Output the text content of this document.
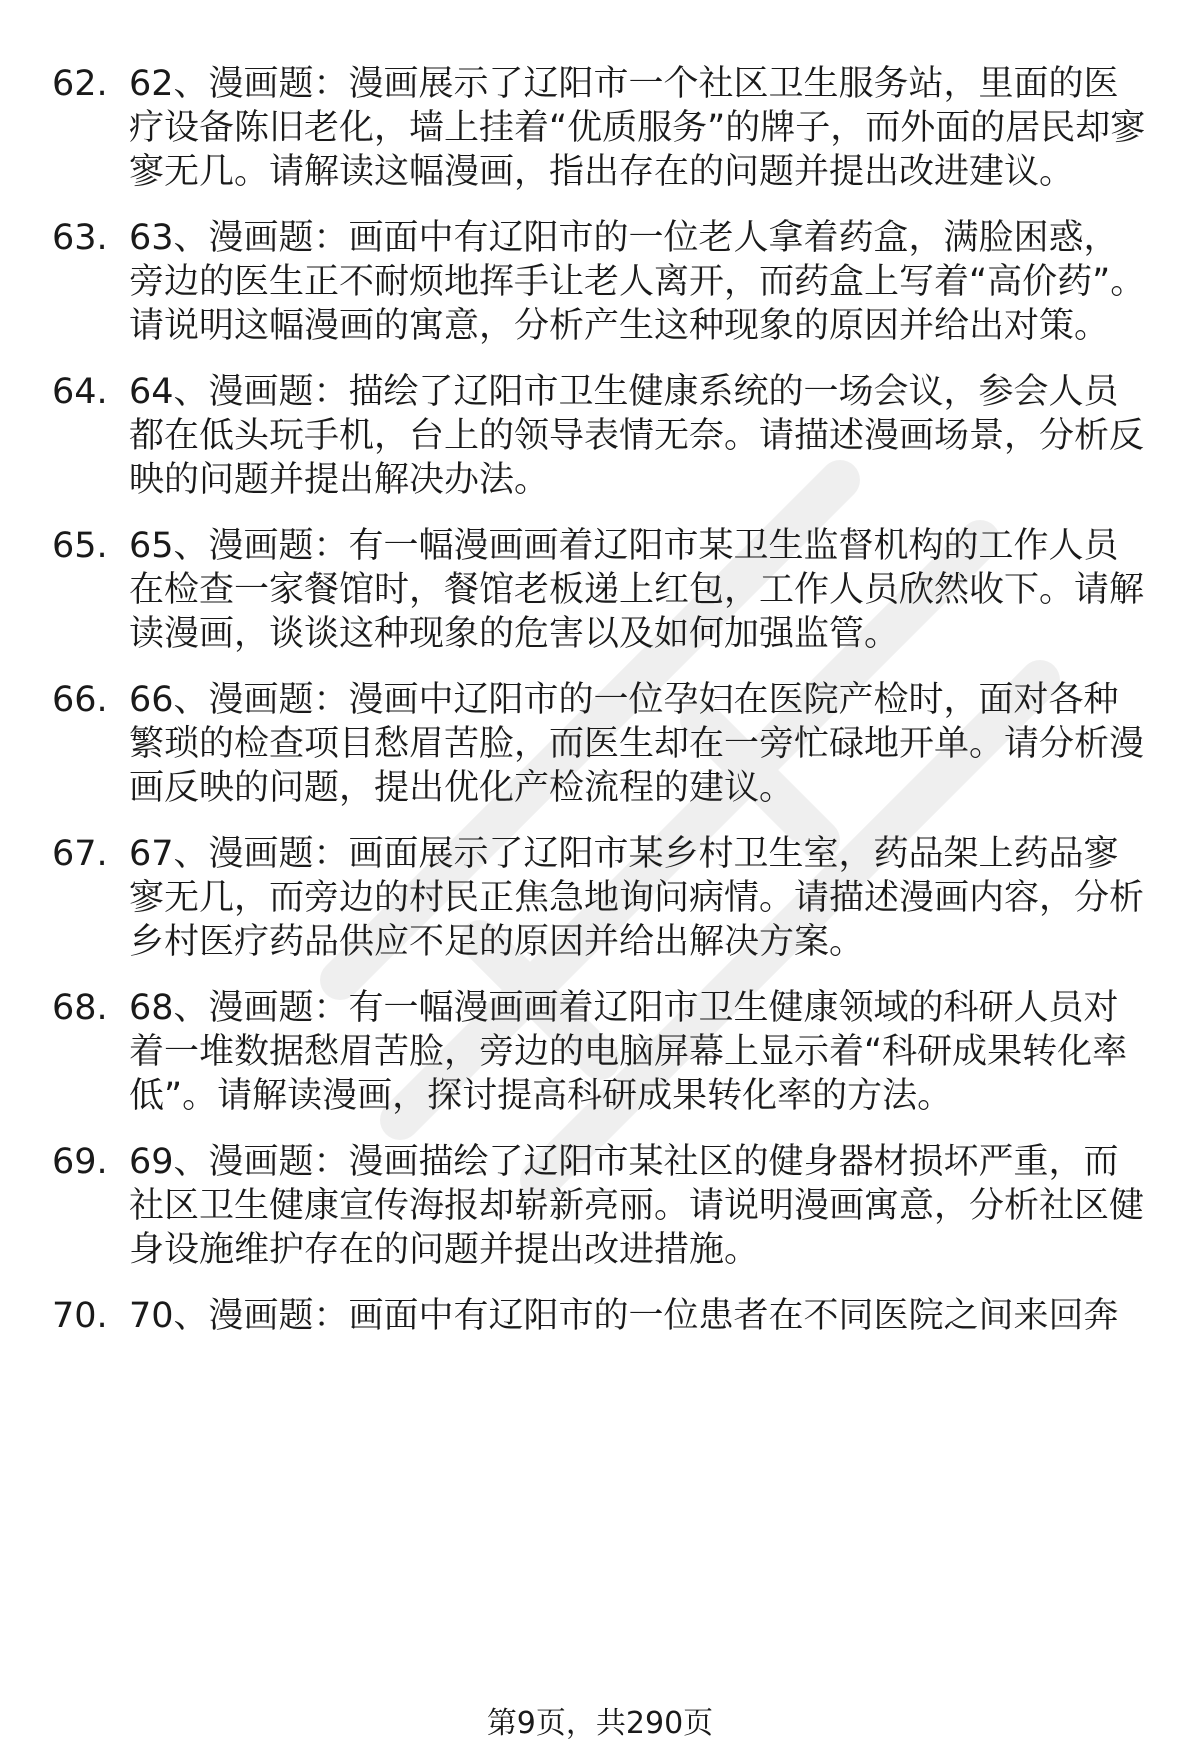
62. 62、漫画题：漫画展示了辽阳市一个社区卫生服务站，里面的医疗设备陈旧老化，墙上挂着“优质服务”的牌子，而外面的居民却寥寥无几。请解读这幅漫画，指出存在的问题并提出改进建议。
63. 63、漫画题：画面中有辽阳市的一位老人拿着药盒，满脸困惑，旁边的医生正不耐烦地挥手让老人离开，而药盒上写着“高价药”。请说明这幅漫画的寓意，分析产生这种现象的原因并给出对策。
64. 64、漫画题：描绘了辽阳市卫生健康系统的一场会议，参会人员都在低头玩手机，台上的领导表情无奈。请描述漫画场景，分析反映的问题并提出解决办法。
65. 65、漫画题：有一幅漫画画着辽阳市某卫生监督机构的工作人员在检查一家餐馆时，餐馆老板递上红包，工作人员欣然收下。请解读漫画，谈谈这种现象的危害以及如何加强监管。
66. 66、漫画题：漫画中辽阳市的一位孕妇在医院产检时，面对各种繁琐的检查项目愁眉苦脸，而医生却在一旁忙碌地开单。请分析漫画反映的问题，提出优化产检流程的建议。
67. 67、漫画题：画面展示了辽阳市某乡村卫生室，药品架上药品寥寥无几，而旁边的村民正焦急地询问病情。请描述漫画内容，分析乡村医疗药品供应不足的原因并给出解决方案。
68. 68、漫画题：有一幅漫画画着辽阳市卫生健康领域的科研人员对着一堆数据愁眉苦脸，旁边的电脑屏幕上显示着“科研成果转化率低”。请解读漫画，探讨提高科研成果转化率的方法。
69. 69、漫画题：漫画描绘了辽阳市某社区的健身器材损坏严重，而社区卫生健康宣传海报却崭新亮丽。请说明漫画寓意，分析社区健身设施维护存在的问题并提出改进措施。
70. 70、漫画题：画面中有辽阳市的一位患者在不同医院之间来回奔
第9页，共290页
